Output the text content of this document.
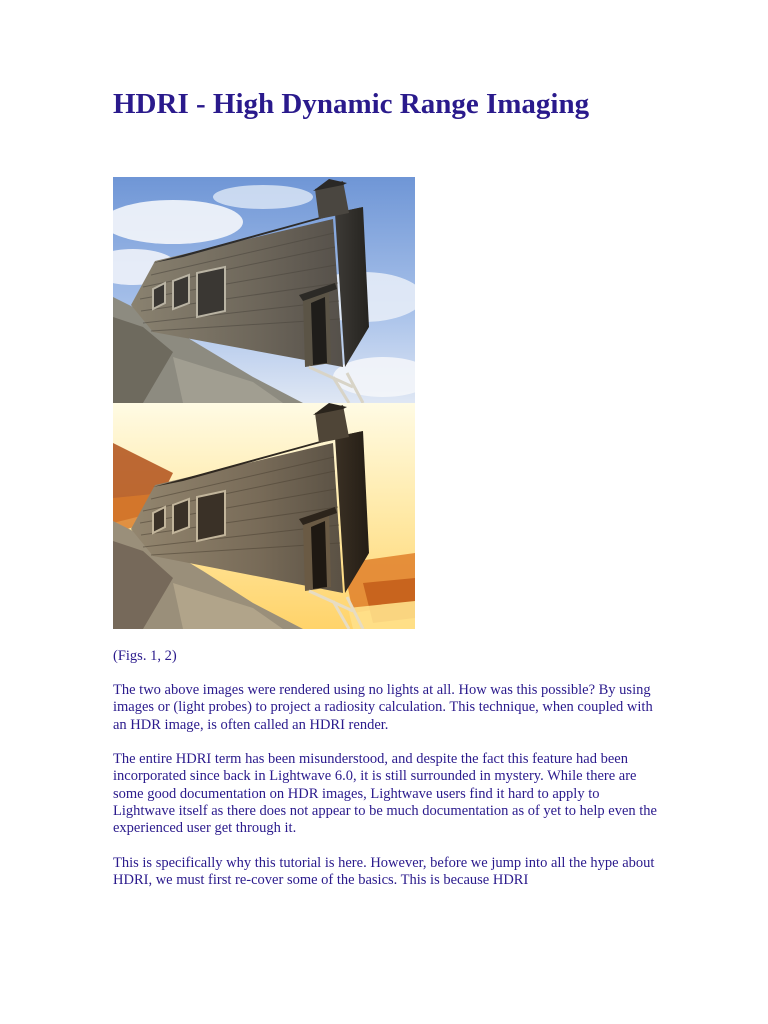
HDRI - High Dynamic Range Imaging
(Figs. 1, 2)

The two above images were rendered using no lights at all. How was this possible? By using images or (light probes) to project a radiosity calculation. This technique, when coupled with an HDR image, is often called an HDRI render.

The entire HDRI term has been misunderstood, and despite the fact this feature had been incorporated since back in Lightwave 6.0, it is still surrounded in mystery. While there are some good documentation on HDR images, Lightwave users find it hard to apply to Lightwave itself as there does not appear to be much documentation as of yet to help even the experienced user get through it.

This is specifically why this tutorial is here. However, before we jump into all the hype about HDRI, we must first re-cover some of the basics. This is because HDRI
